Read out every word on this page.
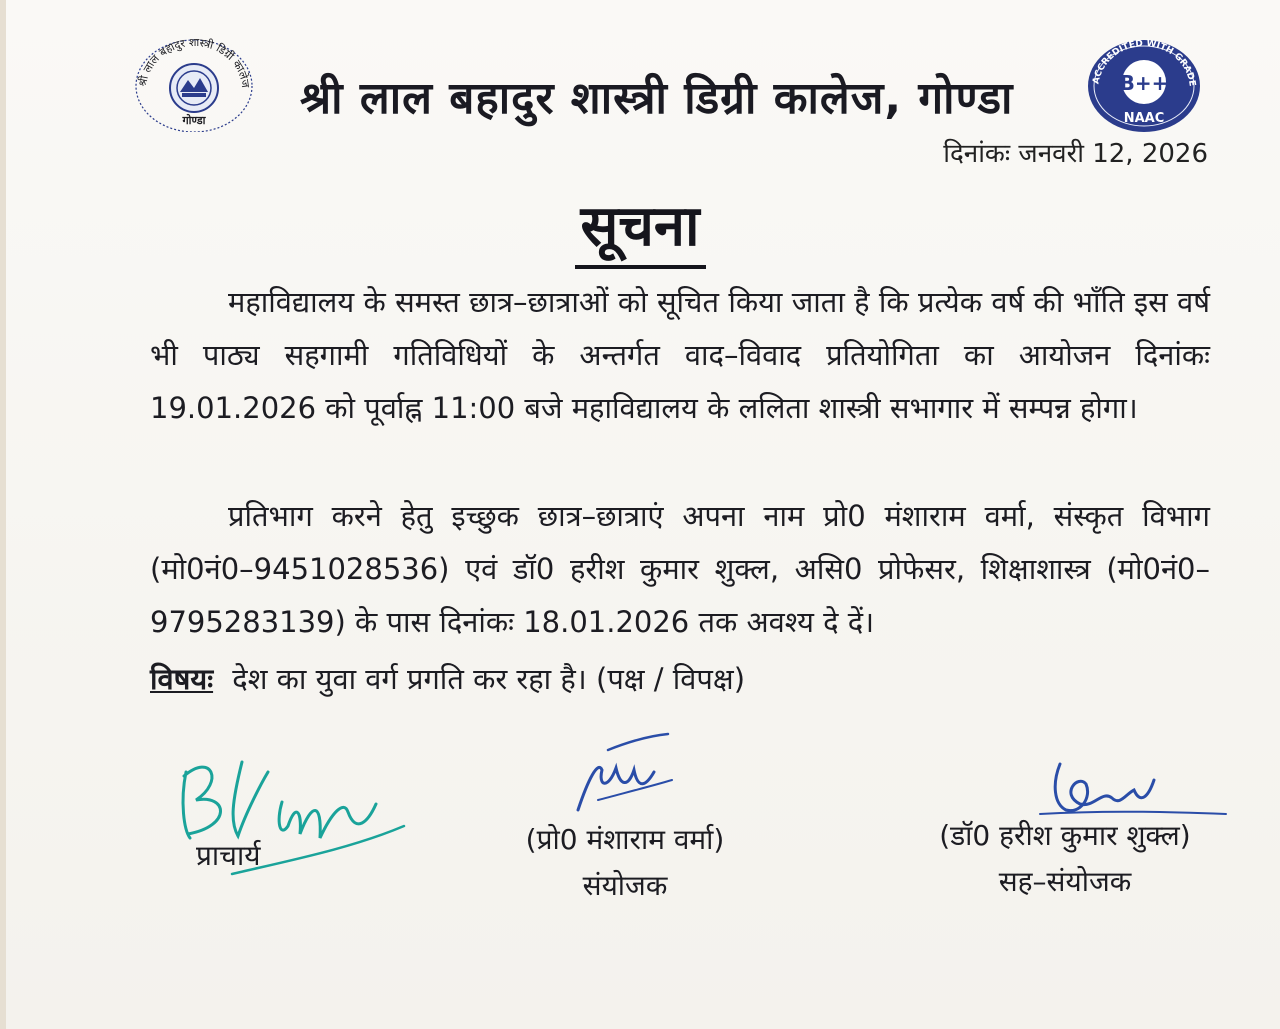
श्री लाल बहादुर शास्त्री डिग्री कालेज
गोण्डा श्री लाल बहादुर शास्त्री डिग्री कालेज, गोण्डा	ACCREDITED WITH GRADE
B++
NAAC
दिनांकः जनवरी 12, 2026
सूचना
महाविद्यालय के समस्त छात्र–छात्राओं को सूचित किया जाता है कि प्रत्येक वर्ष की भाँति इस वर्ष भी पाठ्य सहगामी गतिविधियों के अन्तर्गत वाद–विवाद प्रतियोगिता का आयोजन दिनांकः 19.01.2026 को पूर्वाह्न 11:00 बजे महाविद्यालय के ललिता शास्त्री सभागार में सम्पन्न होगा।
प्रतिभाग करने हेतु इच्छुक छात्र–छात्राएं अपना नाम प्रो0 मंशाराम वर्मा, संस्कृत विभाग (मो0नं0–9451028536) एवं डॉ0 हरीश कुमार शुक्ल, असि0 प्रोफेसर, शिक्षाशास्त्र (मो0नं0–9795283139) के पास दिनांकः 18.01.2026 तक अवश्य दे दें।
विषयः देश का युवा वर्ग प्रगति कर रहा है। (पक्ष / विपक्ष)
प्राचार्य	(प्रो0 मंशाराम वर्मा)
संयोजक
(डॉ0 हरीश कुमार शुक्ल)
सह–संयोजक
